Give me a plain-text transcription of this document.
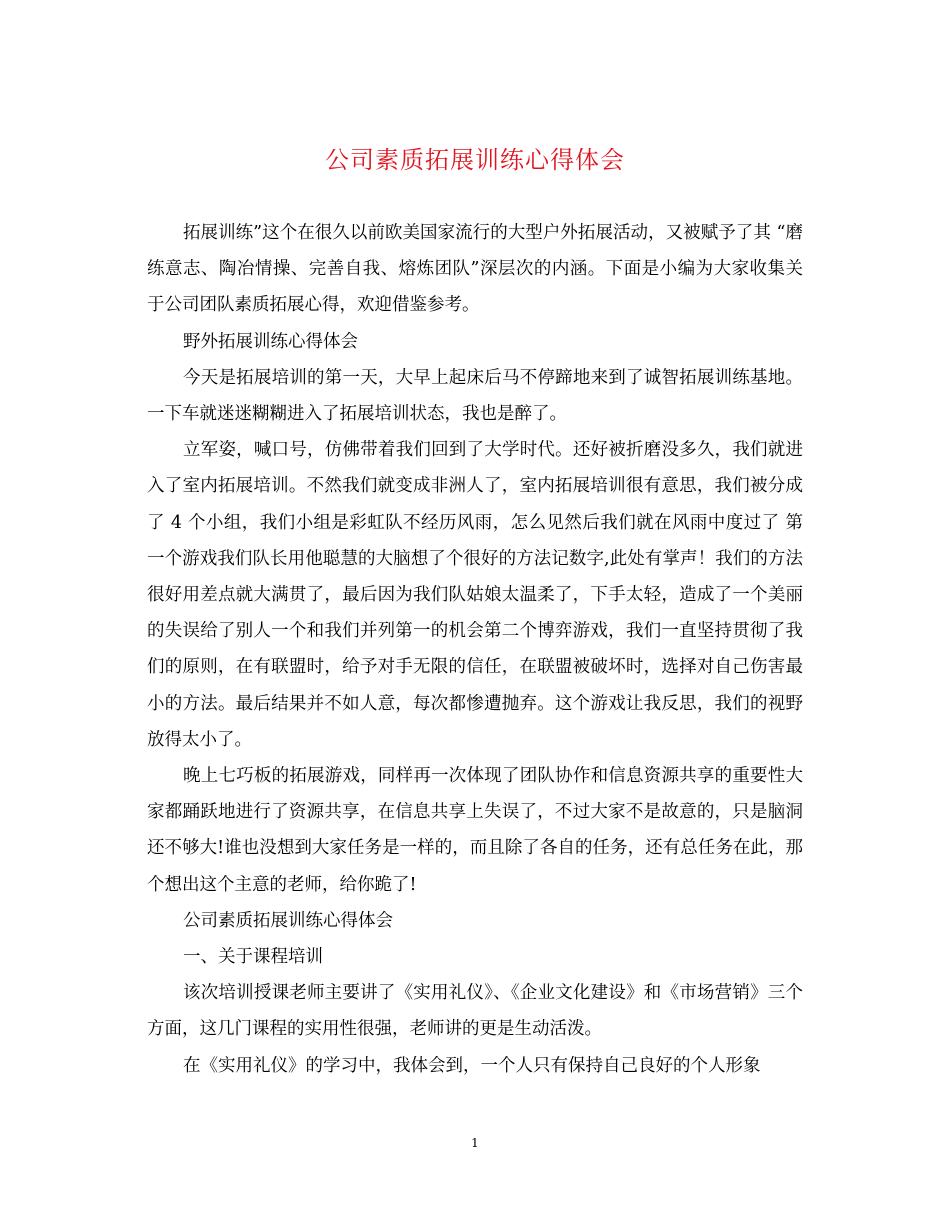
公司素质拓展训练心得体会

拓展训练”这个在很久以前欧美国家流行的大型户外拓展活动，又被赋予了其 “磨练意志、陶冶情操、完善自我、熔炼团队”深层次的内涵。下面是小编为大家收集关于公司团队素质拓展心得，欢迎借鉴参考。

野外拓展训练心得体会

今天是拓展培训的第一天，大早上起床后马不停蹄地来到了诚智拓展训练基地。一下车就迷迷糊糊进入了拓展培训状态，我也是醉了。

立军姿，喊口号，仿佛带着我们回到了大学时代。还好被折磨没多久，我们就进入了室内拓展培训。不然我们就变成非洲人了，室内拓展培训很有意思，我们被分成了 4 个小组，我们小组是彩虹队不经历风雨，怎么见然后我们就在风雨中度过了 第一个游戏我们队长用他聪慧的大脑想了个很好的方法记数字,此处有掌声！我们的方法很好用差点就大满贯了，最后因为我们队姑娘太温柔了，下手太轻，造成了一个美丽的失误给了别人一个和我们并列第一的机会第二个博弈游戏，我们一直坚持贯彻了我们的原则，在有联盟时，给予对手无限的信任，在联盟被破坏时，选择对自己伤害最小的方法。最后结果并不如人意，每次都惨遭抛弃。这个游戏让我反思，我们的视野放得太小了。

晚上七巧板的拓展游戏，同样再一次体现了团队协作和信息资源共享的重要性大家都踊跃地进行了资源共享，在信息共享上失误了，不过大家不是故意的，只是脑洞还不够大!谁也没想到大家任务是一样的，而且除了各自的任务，还有总任务在此，那个想出这个主意的老师，给你跪了!

公司素质拓展训练心得体会

一、关于课程培训

该次培训授课老师主要讲了《实用礼仪》、《企业文化建设》和《市场营销》三个方面，这几门课程的实用性很强，老师讲的更是生动活泼。

在《实用礼仪》的学习中，我体会到，一个人只有保持自己良好的个人形象

1
